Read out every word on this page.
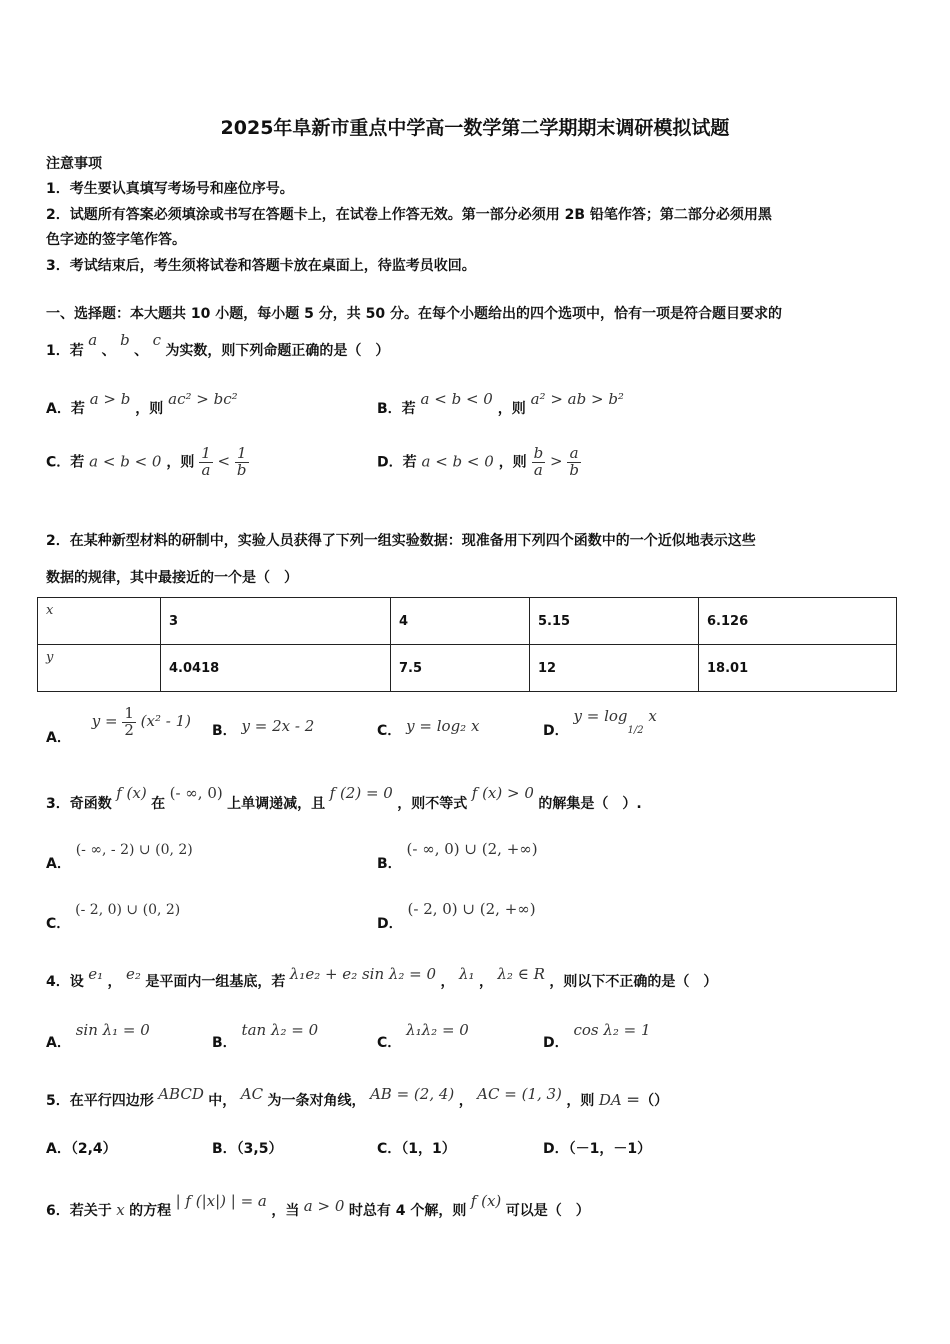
2025年阜新市重点中学高一数学第二学期期末调研模拟试题
注意事项
1．考生要认真填写考场号和座位序号。
2．试题所有答案必须填涂或书写在答题卡上，在试卷上作答无效。第一部分必须用 2B 铅笔作答；第二部分必须用黑
色字迹的签字笔作答。
3．考试结束后，考生须将试卷和答题卡放在桌面上，待监考员收回。
一、选择题：本大题共 10 小题，每小题 5 分，共 50 分。在每个小题给出的四个选项中，恰有一项是符合题目要求的
1．若 a 、 b 、 c 为实数，则下列命题正确的是（　）
A．若 a > b ，则 ac² > bc²
B．若 a < b < 0 ，则 a² > ab > b²
C．若 a < b < 0 ，则 $\frac{1}{a} < \frac{1}{b}$	D．若 a < b < 0 ，则 $\frac{b}{a} > \frac{a}{b}$
2．在某种新型材料的研制中，实验人员获得了下列一组实验数据：现准备用下列四个函数中的一个近似地表示这些
数据的规律，其中最接近的一个是（　）
x	3	4	5.15	6.126
y	4.0418	7.5	12	18.01
A． $y = \frac{1}{2} (x^2 - 1)$
B． y = 2x - 2	C． y = log₂ x	D． $y = \log_{1/2} x$
3．奇函数 f (x) 在 (- ∞, 0) 上单调递减，且 f (2) = 0 ，则不等式 f (x) > 0 的解集是（　）.
A． (- ∞, - 2) ∪ (0, 2)
B． (- ∞, 0) ∪ (2, +∞)
C． (- 2, 0) ∪ (0, 2)
D． (- 2, 0) ∪ (2, +∞)
4．设 e₁ ， e₂ 是平面内一组基底，若 λ₁e₂ + e₂ sin λ₂ = 0 ， λ₁ ， λ₂ ∈ R ，则以下不正确的是（　）
A． sin λ₁ = 0
B． tan λ₂ = 0
C． λ₁λ₂ = 0
D． cos λ₂ = 1
5．在平行四边形 ABCD 中， AC 为一条对角线， AB = (2, 4) ， AC = (1, 3) ，则 DA ＝（）
A．（2,4）	B．（3,5）	C．（1，1）	D．（－1，－1）
6．若关于 x 的方程 | f (|x|) | = a ，当 a > 0 时总有 4 个解，则 f (x) 可以是（　）
